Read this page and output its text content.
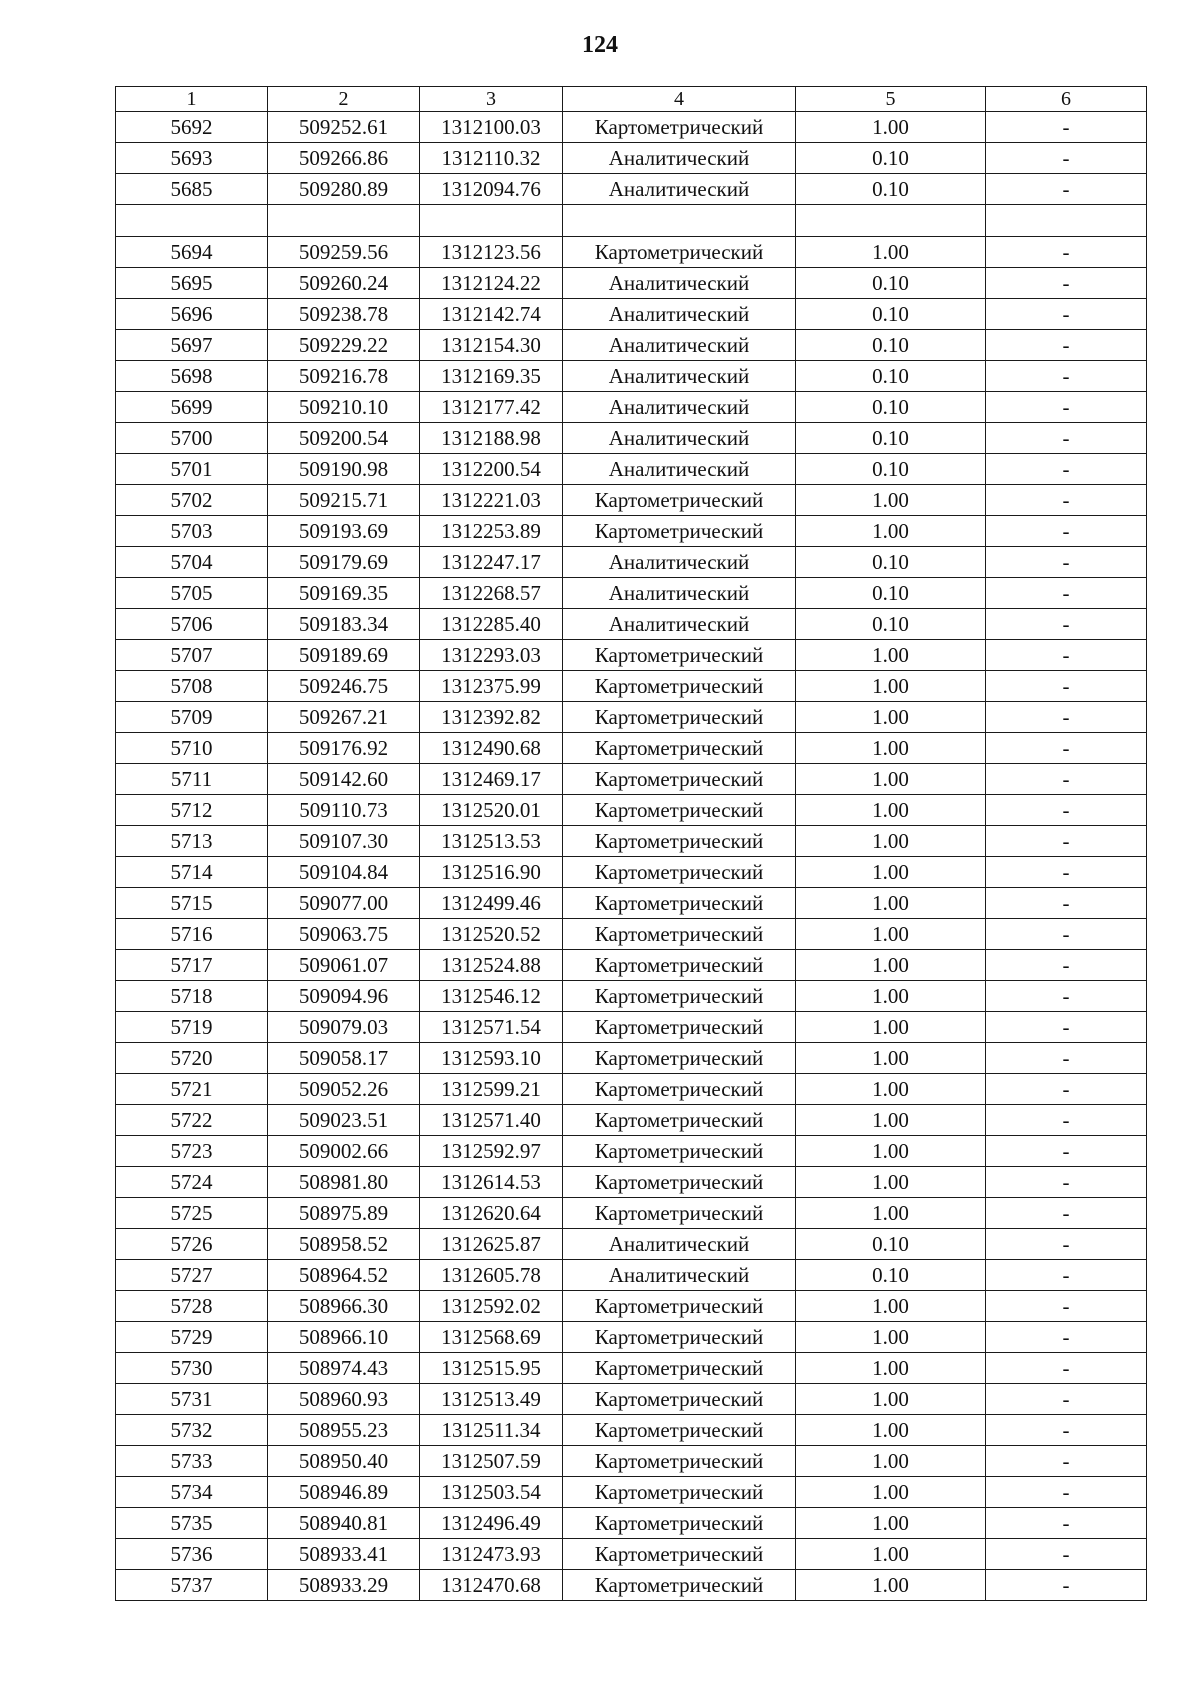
124
1	2	3	4	5	6
5692	509252.61	1312100.03	Картометрический	1.00	-
5693	509266.86	1312110.32	Аналитический	0.10	-
5685	509280.89	1312094.76	Аналитический	0.10	-

5694	509259.56	1312123.56	Картометрический	1.00	-
5695	509260.24	1312124.22	Аналитический	0.10	-
5696	509238.78	1312142.74	Аналитический	0.10	-
5697	509229.22	1312154.30	Аналитический	0.10	-
5698	509216.78	1312169.35	Аналитический	0.10	-
5699	509210.10	1312177.42	Аналитический	0.10	-
5700	509200.54	1312188.98	Аналитический	0.10	-
5701	509190.98	1312200.54	Аналитический	0.10	-
5702	509215.71	1312221.03	Картометрический	1.00	-
5703	509193.69	1312253.89	Картометрический	1.00	-
5704	509179.69	1312247.17	Аналитический	0.10	-
5705	509169.35	1312268.57	Аналитический	0.10	-
5706	509183.34	1312285.40	Аналитический	0.10	-
5707	509189.69	1312293.03	Картометрический	1.00	-
5708	509246.75	1312375.99	Картометрический	1.00	-
5709	509267.21	1312392.82	Картометрический	1.00	-
5710	509176.92	1312490.68	Картометрический	1.00	-
5711	509142.60	1312469.17	Картометрический	1.00	-
5712	509110.73	1312520.01	Картометрический	1.00	-
5713	509107.30	1312513.53	Картометрический	1.00	-
5714	509104.84	1312516.90	Картометрический	1.00	-
5715	509077.00	1312499.46	Картометрический	1.00	-
5716	509063.75	1312520.52	Картометрический	1.00	-
5717	509061.07	1312524.88	Картометрический	1.00	-
5718	509094.96	1312546.12	Картометрический	1.00	-
5719	509079.03	1312571.54	Картометрический	1.00	-
5720	509058.17	1312593.10	Картометрический	1.00	-
5721	509052.26	1312599.21	Картометрический	1.00	-
5722	509023.51	1312571.40	Картометрический	1.00	-
5723	509002.66	1312592.97	Картометрический	1.00	-
5724	508981.80	1312614.53	Картометрический	1.00	-
5725	508975.89	1312620.64	Картометрический	1.00	-
5726	508958.52	1312625.87	Аналитический	0.10	-
5727	508964.52	1312605.78	Аналитический	0.10	-
5728	508966.30	1312592.02	Картометрический	1.00	-
5729	508966.10	1312568.69	Картометрический	1.00	-
5730	508974.43	1312515.95	Картометрический	1.00	-
5731	508960.93	1312513.49	Картометрический	1.00	-
5732	508955.23	1312511.34	Картометрический	1.00	-
5733	508950.40	1312507.59	Картометрический	1.00	-
5734	508946.89	1312503.54	Картометрический	1.00	-
5735	508940.81	1312496.49	Картометрический	1.00	-
5736	508933.41	1312473.93	Картометрический	1.00	-
5737	508933.29	1312470.68	Картометрический	1.00	-
